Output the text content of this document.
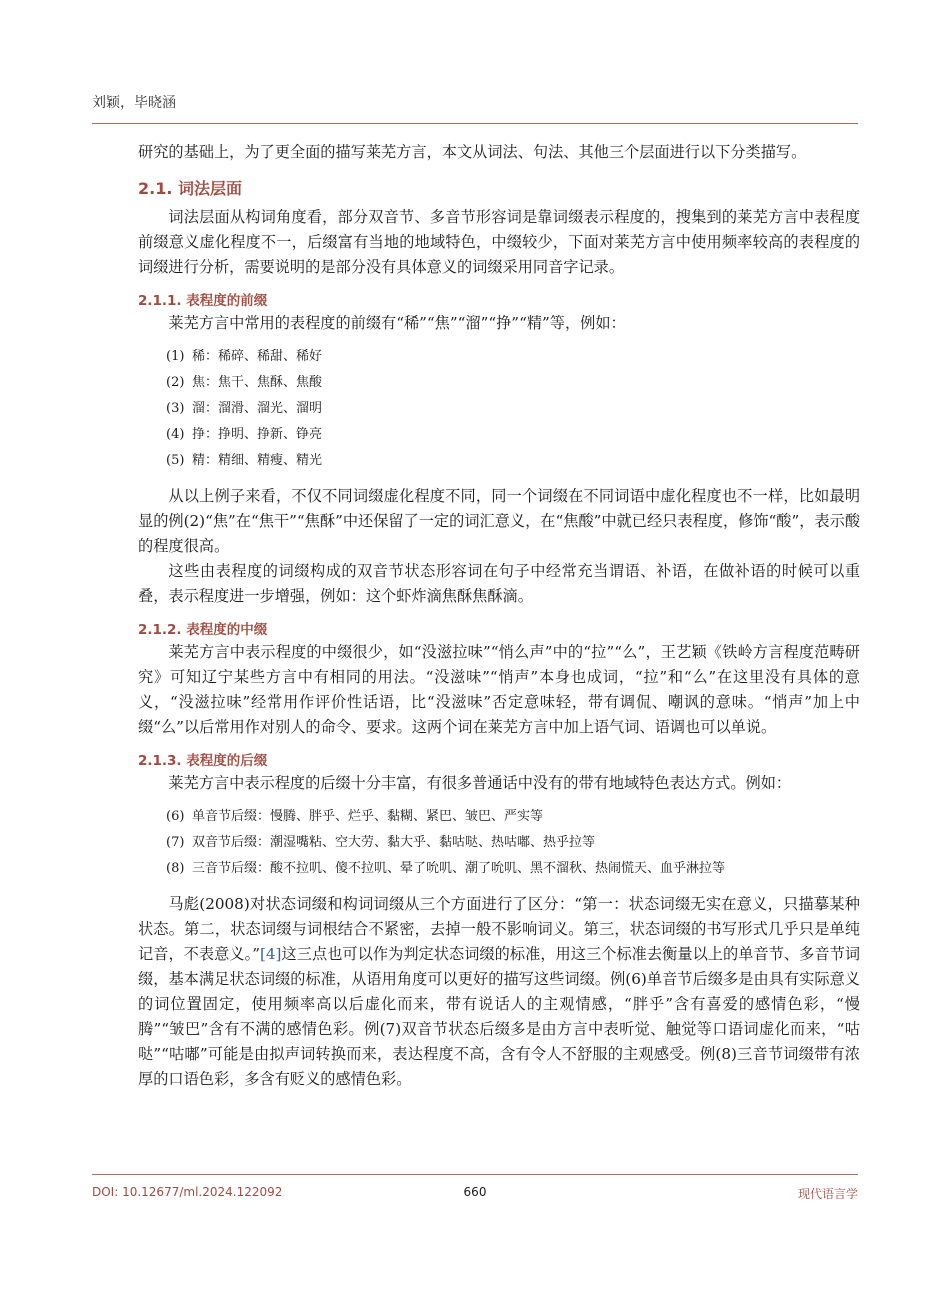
刘颖，毕晓涵

研究的基础上，为了更全面的描写莱芜方言，本文从词法、句法、其他三个层面进行以下分类描写。

2.1. 词法层面

词法层面从构词角度看，部分双音节、多音节形容词是靠词缀表示程度的，搜集到的莱芜方言中表程度前缀意义虚化程度不一，后缀富有当地的地域特色，中缀较少，下面对莱芜方言中使用频率较高的表程度的词缀进行分析，需要说明的是部分没有具体意义的词缀采用同音字记录。

2.1.1. 表程度的前缀

莱芜方言中常用的表程度的前缀有“稀”“焦”“溜”“挣”“精”等，例如：

(1) 稀：稀碎、稀甜、稀好
(2) 焦：焦干、焦酥、焦酸
(3) 溜：溜滑、溜光、溜明
(4) 挣：挣明、挣新、铮亮
(5) 精：精细、精瘦、精光

从以上例子来看，不仅不同词缀虚化程度不同，同一个词缀在不同词语中虚化程度也不一样，比如最明显的例(2)“焦”在“焦干”“焦酥”中还保留了一定的词汇意义，在“焦酸”中就已经只表程度，修饰“酸”，表示酸的程度很高。

这些由表程度的词缀构成的双音节状态形容词在句子中经常充当谓语、补语，在做补语的时候可以重叠，表示程度进一步增强，例如：这个虾炸滴焦酥焦酥滴。

2.1.2. 表程度的中缀

莱芜方言中表示程度的中缀很少，如“没滋拉味”“悄么声”中的“拉”“么”，王艺颖《铁岭方言程度范畴研究》可知辽宁某些方言中有相同的用法。“没滋味”“悄声”本身也成词，“拉”和“么”在这里没有具体的意义，“没滋拉味”经常用作评价性话语，比“没滋味”否定意味轻，带有调侃、嘲讽的意味。“悄声”加上中缀“么”以后常用作对别人的命令、要求。这两个词在莱芜方言中加上语气词、语调也可以单说。

2.1.3. 表程度的后缀

莱芜方言中表示程度的后缀十分丰富，有很多普通话中没有的带有地域特色表达方式。例如：

(6) 单音节后缀：慢腾、胖乎、烂乎、黏糊、紧巴、皱巴、严实等
(7) 双音节后缀：潮湿嘴粘、空大劳、黏大乎、黏咕哒、热咕嘟、热乎拉等
(8) 三音节后缀：酸不拉叽、傻不拉叽、晕了吮叽、潮了吮叽、黑不溜秋、热闹慌天、血乎淋拉等

马彪(2008)对状态词缀和构词词缀从三个方面进行了区分：“第一：状态词缀无实在意义，只描摹某种状态。第二，状态词缀与词根结合不紧密，去掉一般不影响词义。第三，状态词缀的书写形式几乎只是单纯记音，不表意义。”[4]这三点也可以作为判定状态词缀的标准，用这三个标准去衡量以上的单音节、多音节词缀，基本满足状态词缀的标准，从语用角度可以更好的描写这些词缀。例(6)单音节后缀多是由具有实际意义的词位置固定，使用频率高以后虚化而来，带有说话人的主观情感，“胖乎”含有喜爱的感情色彩，“慢腾”“皱巴”含有不满的感情色彩。例(7)双音节状态后缀多是由方言中表听觉、触觉等口语词虚化而来，“咕哒”“咕嘟”可能是由拟声词转换而来，表达程度不高，含有令人不舒服的主观感受。例(8)三音节词缀带有浓厚的口语色彩，多含有贬义的感情色彩。

DOI: 10.12677/ml.2024.122092	660	现代语言学
